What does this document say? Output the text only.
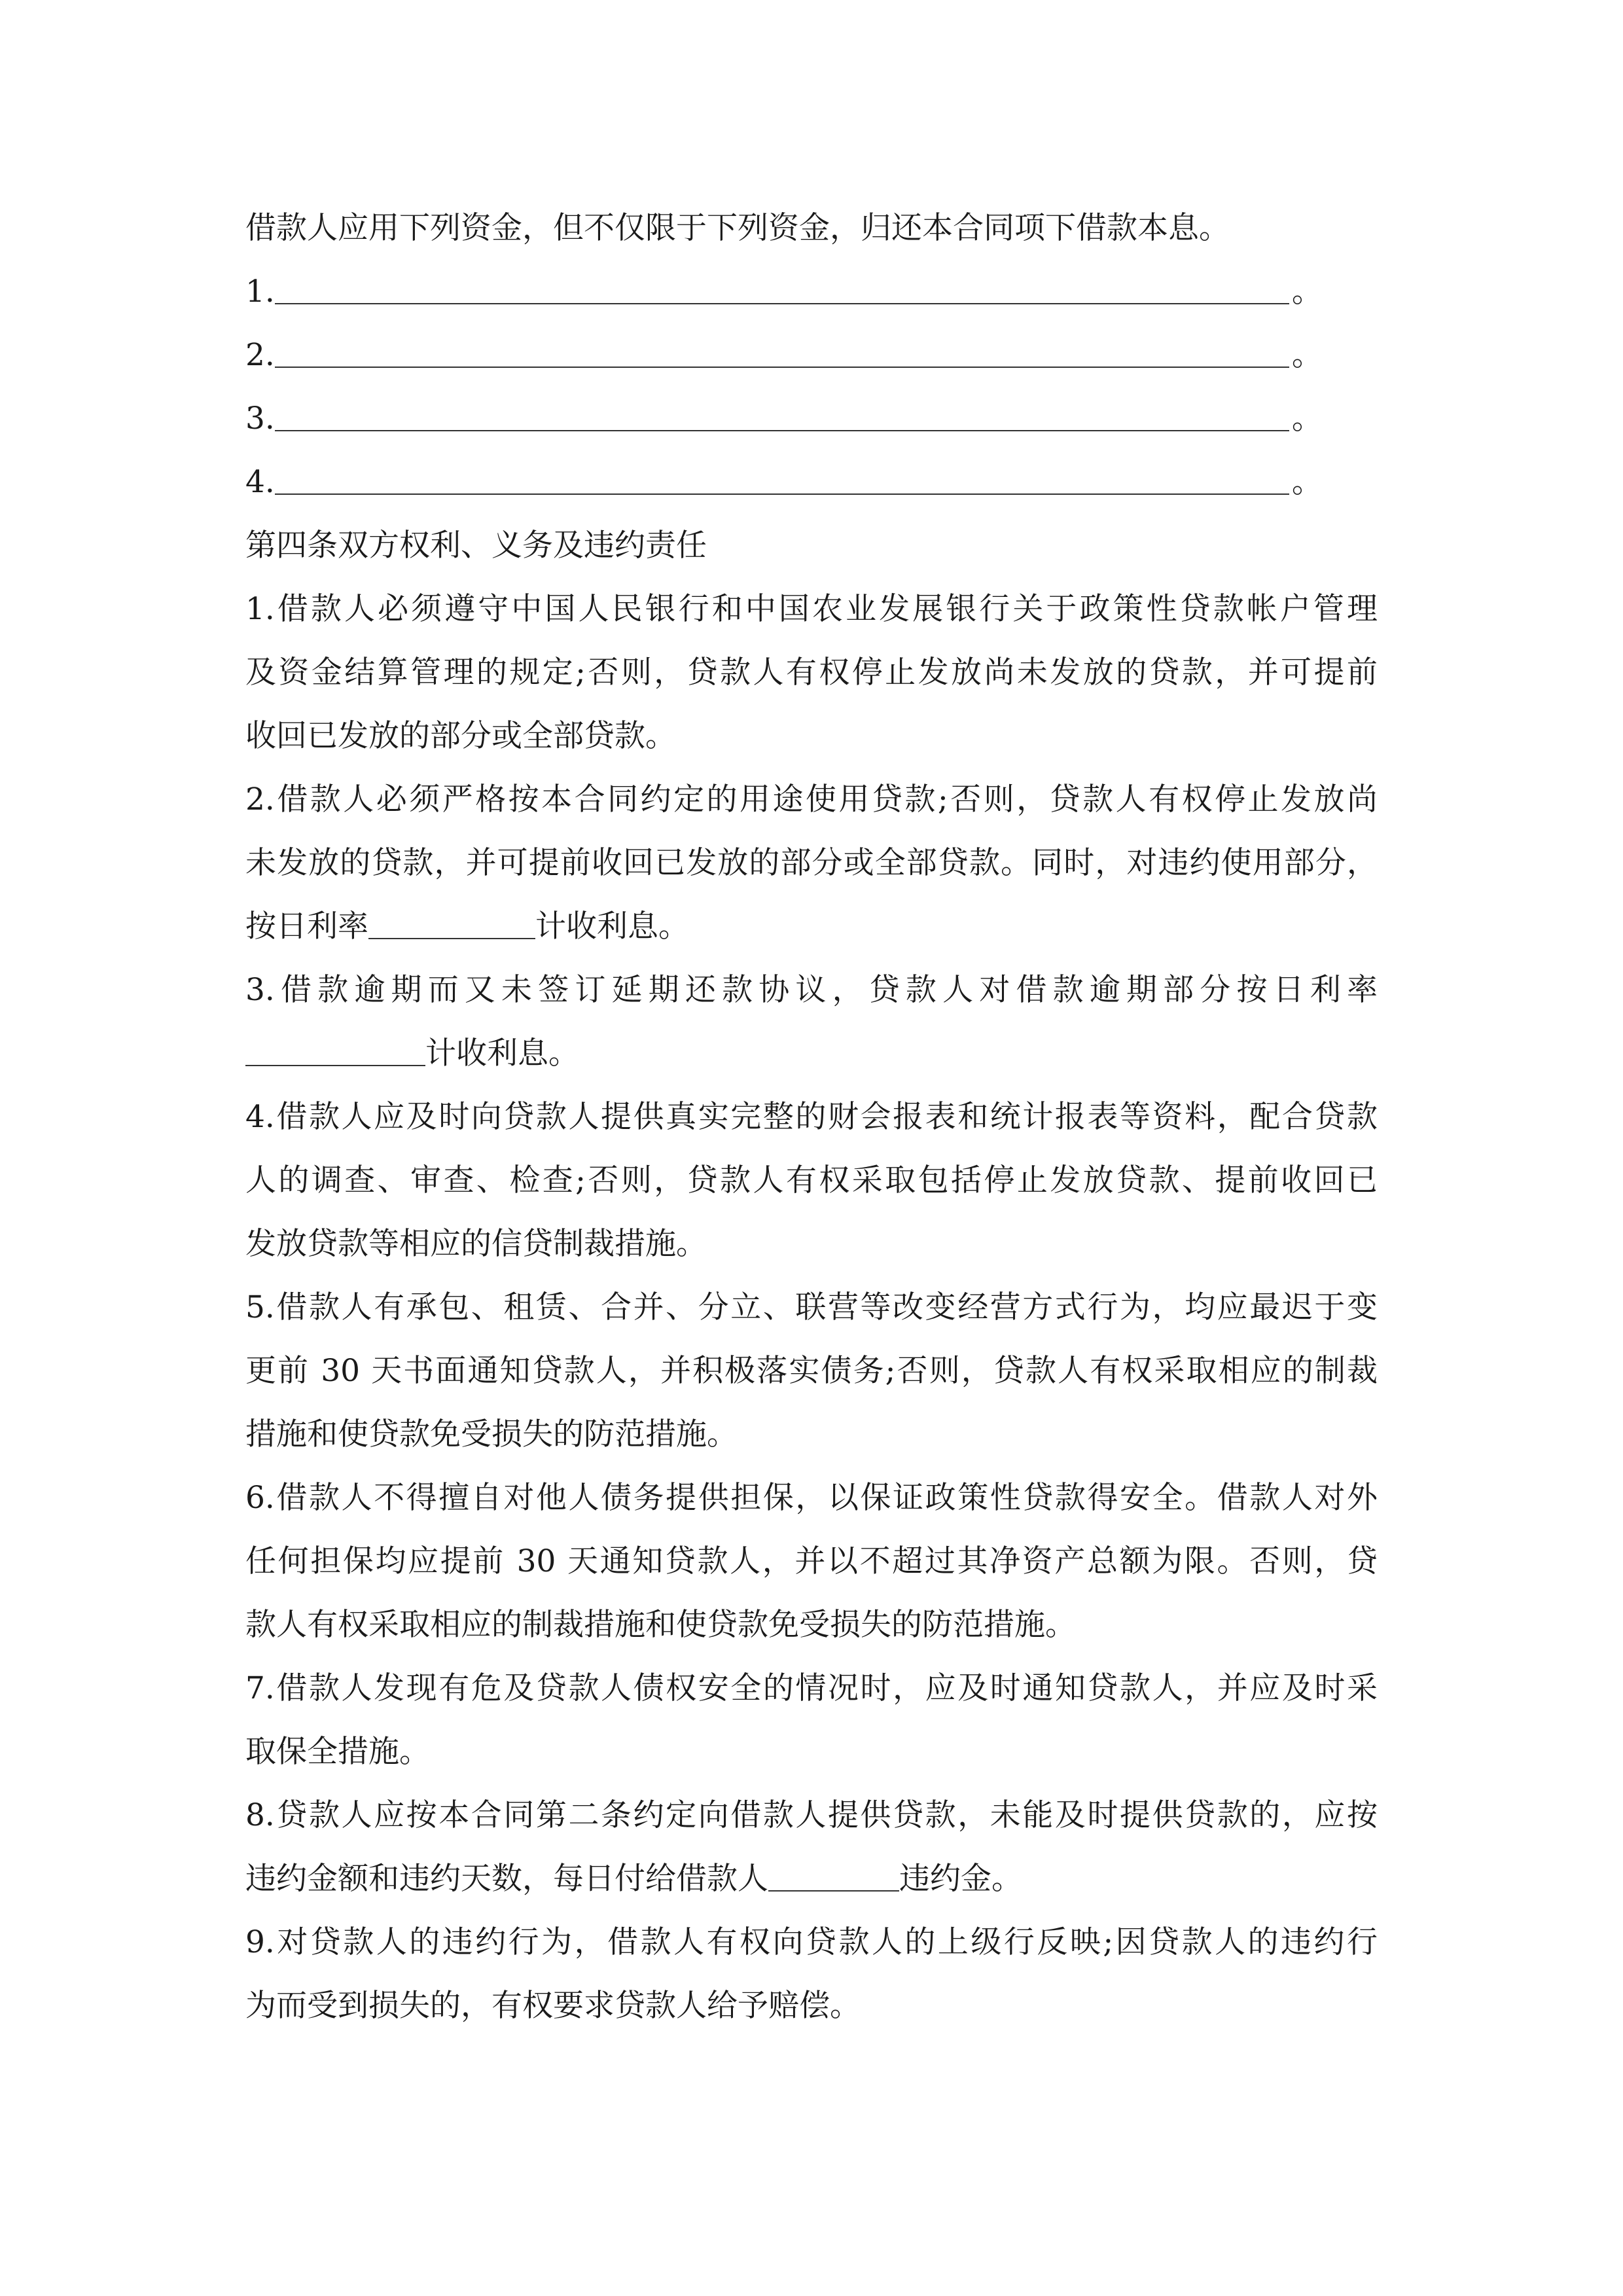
借款人应用下列资金，但不仅限于下列资金，归还本合同项下借款本息。
1.	。
2.	。
3.	。
4.	。
第四条双方权利、义务及违约责任
1.借款人必须遵守中国人民银行和中国农业发展银行关于政策性贷款帐户管理
及资金结算管理的规定;否则，贷款人有权停止发放尚未发放的贷款，并可提前
收回已发放的部分或全部贷款。
2.借款人必须严格按本合同约定的用途使用贷款;否则，贷款人有权停止发放尚
未发放的贷款，并可提前收回已发放的部分或全部贷款。同时，对违约使用部分，
按日利率	计收利息。
3.借款逾期而又未签订延期还款协议，贷款人对借款逾期部分按日利率
计收利息。
4.借款人应及时向贷款人提供真实完整的财会报表和统计报表等资料，配合贷款
人的调查、审查、检查;否则，贷款人有权采取包括停止发放贷款、提前收回已
发放贷款等相应的信贷制裁措施。
5.借款人有承包、租赁、合并、分立、联营等改变经营方式行为，均应最迟于变
更前 30 天书面通知贷款人，并积极落实债务;否则，贷款人有权采取相应的制裁
措施和使贷款免受损失的防范措施。
6.借款人不得擅自对他人债务提供担保，以保证政策性贷款得安全。借款人对外
任何担保均应提前 30 天通知贷款人，并以不超过其净资产总额为限。否则，贷
款人有权采取相应的制裁措施和使贷款免受损失的防范措施。
7.借款人发现有危及贷款人债权安全的情况时，应及时通知贷款人，并应及时采
取保全措施。
8.贷款人应按本合同第二条约定向借款人提供贷款，未能及时提供贷款的，应按
违约金额和违约天数，每日付给借款人	违约金。
9.对贷款人的违约行为，借款人有权向贷款人的上级行反映;因贷款人的违约行
为而受到损失的，有权要求贷款人给予赔偿。
